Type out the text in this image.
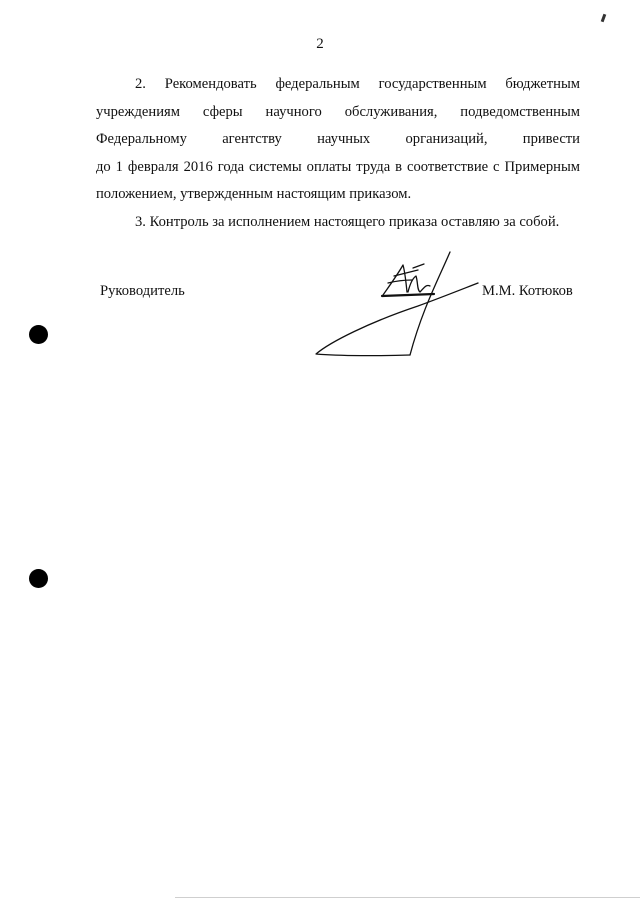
2
2. Рекомендовать федеральным государственным бюджетным
учреждениям сферы научного обслуживания, подведомственным
Федеральному агентству научных организаций, привести
до 1 февраля 2016 года системы оплаты труда в соответствие с Примерным
положением, утвержденным настоящим приказом.
3. Контроль за исполнением настоящего приказа оставляю за собой.
Руководитель	М.М. Котюков
